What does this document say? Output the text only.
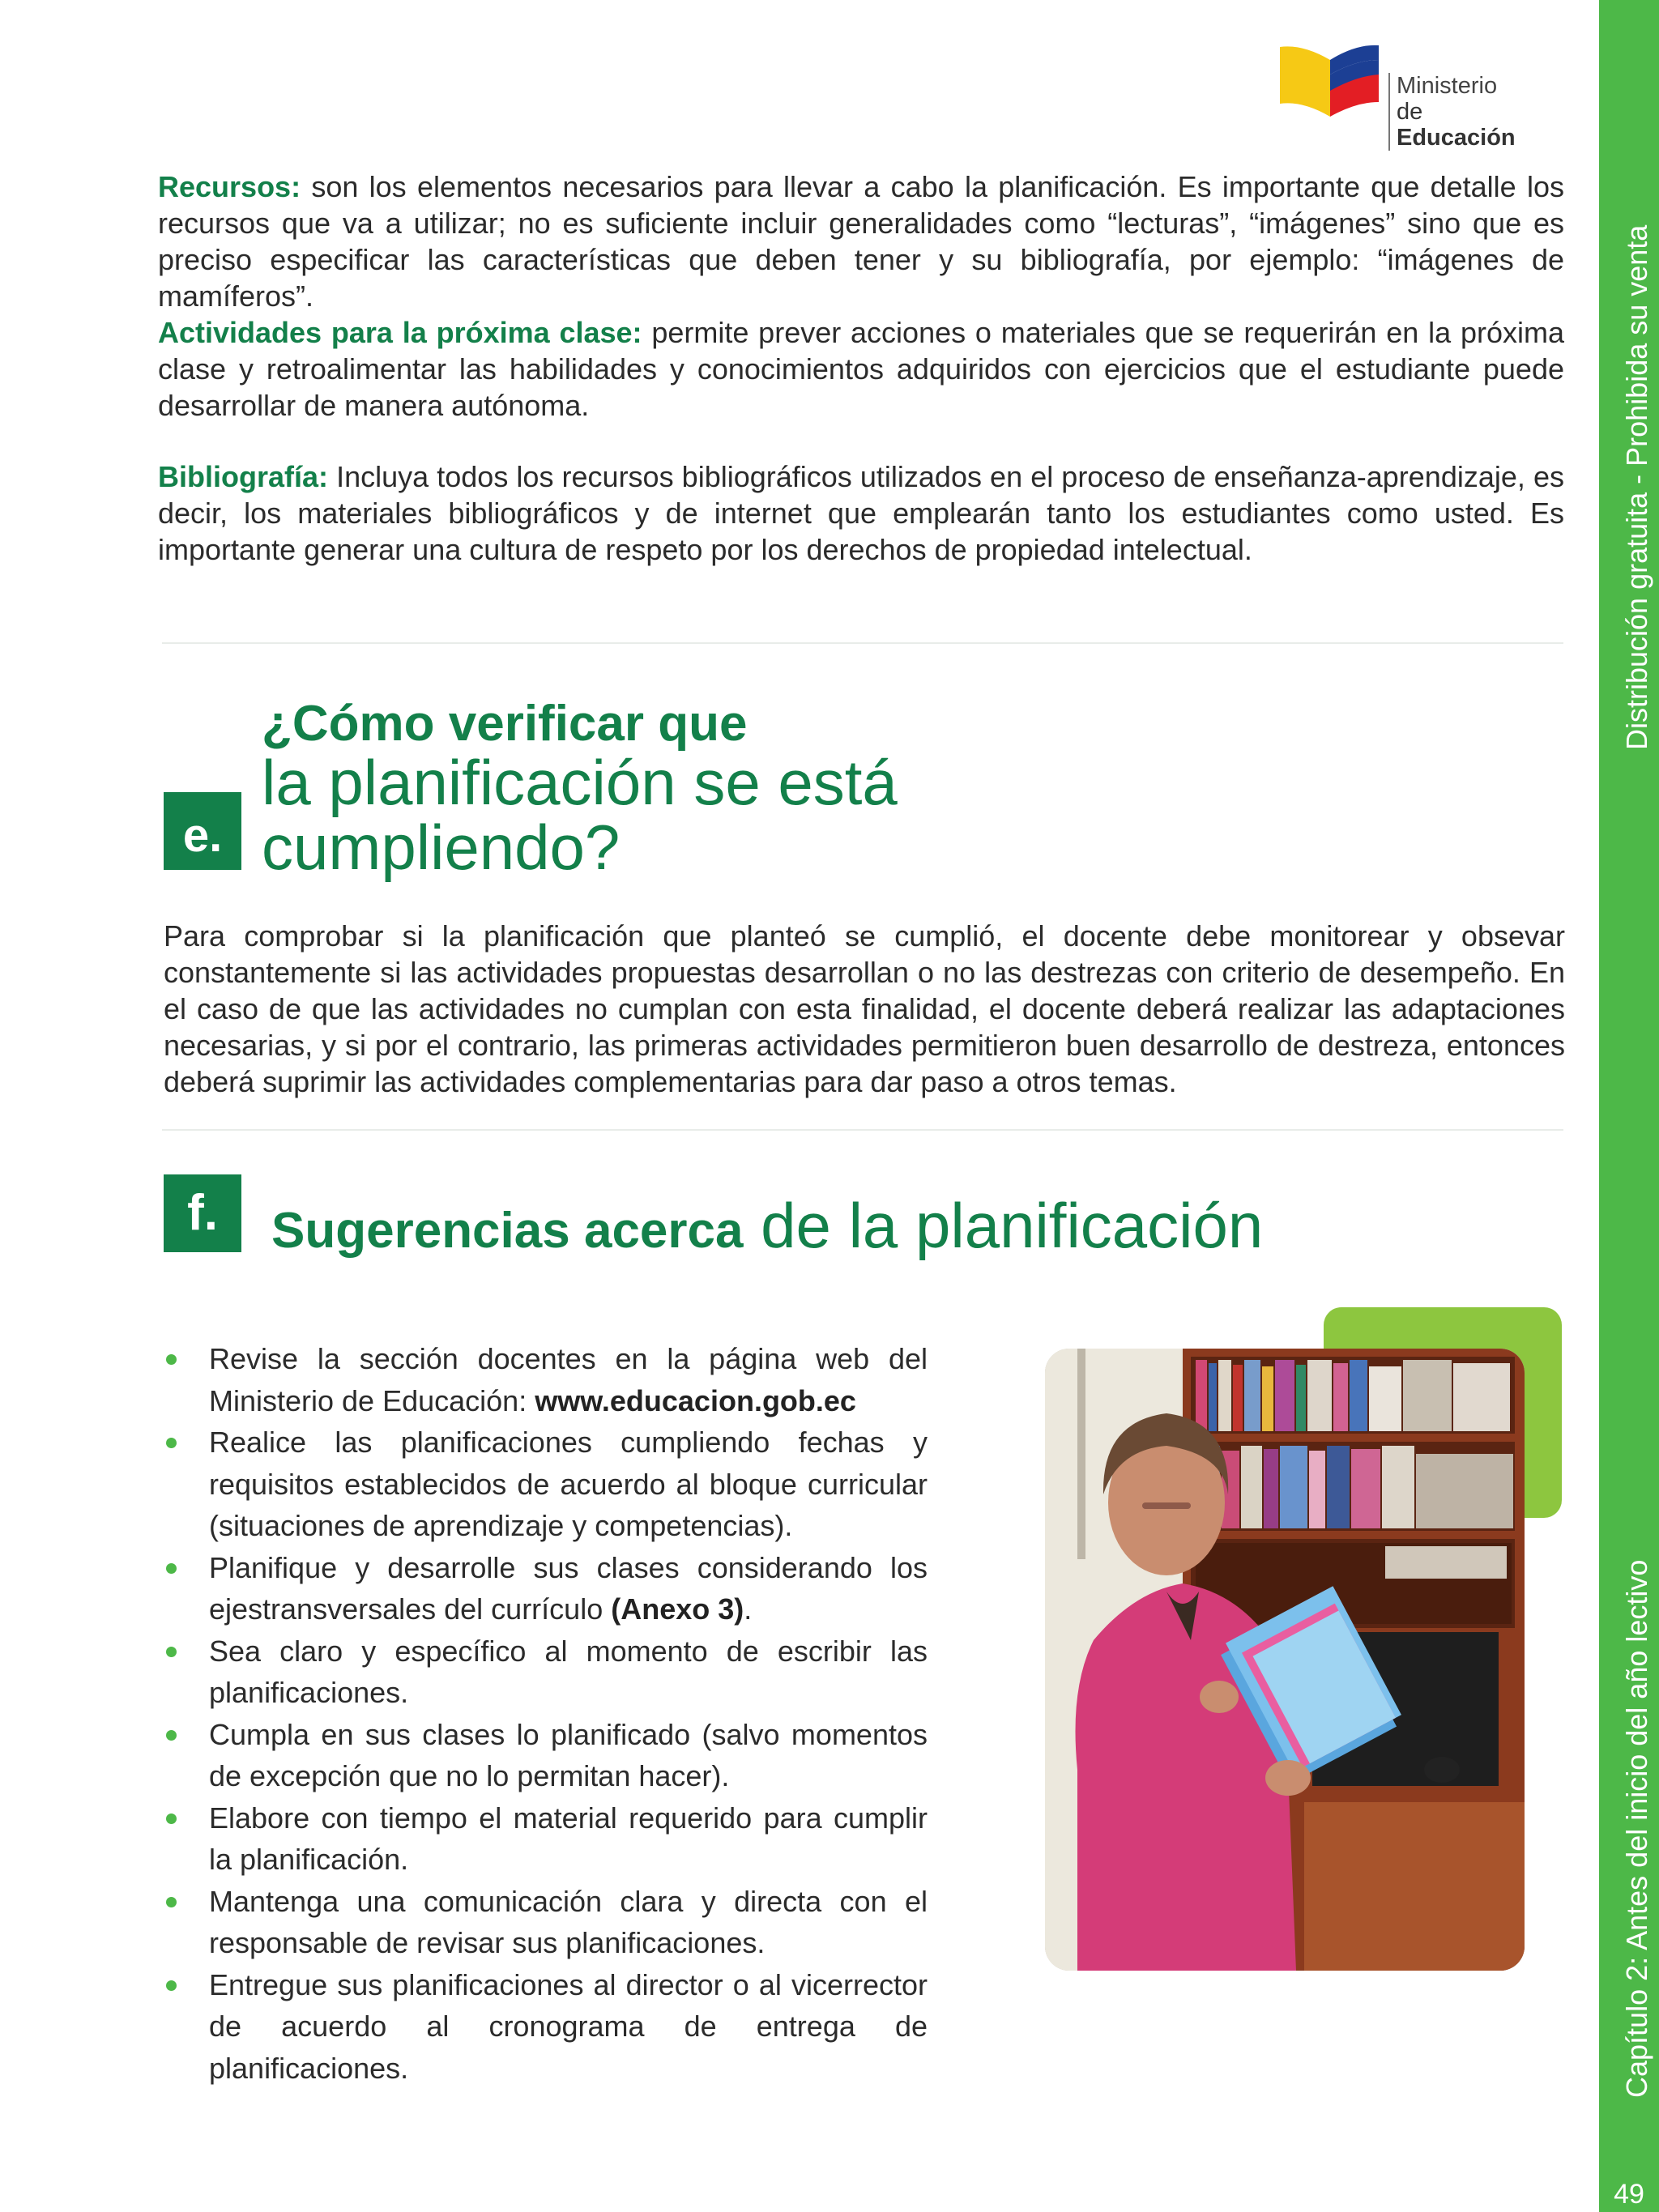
Ministerio
de Educación

Recursos: son los elementos necesarios para llevar a cabo la planificación. Es importante que detalle los recursos que va a utilizar; no es suficiente incluir generalidades como “lecturas”, “imágenes” sino que es preciso especificar las características que deben tener y su bibliografía, por ejemplo: “imágenes de mamíferos”.

Actividades para la próxima clase: permite prever acciones o materiales que se requerirán en la próxima clase y retroalimentar las habilidades y conocimientos adquiridos con ejercicios que el estudiante puede desarrollar de manera autónoma.

Bibliografía: Incluya todos los recursos bibliográficos utilizados en el proceso de enseñanza-aprendizaje, es decir, los materiales bibliográficos y de internet que emplearán tanto los estudiantes como usted. Es importante generar una cultura de respeto por los derechos de propiedad intelectual.

e.
¿Cómo verificar que
la planificación se está
cumpliendo?

Para comprobar si la planificación que planteó se cumplió, el docente debe monitorear y obsevar constantemente si las actividades propuestas desarrollan o no las destrezas con criterio de desempeño. En el caso de que las actividades no cumplan con esta finalidad, el docente deberá realizar las adaptaciones necesarias, y si por el contrario, las primeras actividades permitieron buen desarrollo de destreza, entonces deberá suprimir las actividades complementarias para dar paso a otros temas.

f.	Sugerencias acerca de la planificación
Revise la sección docentes en la página web del Ministerio de Educación: www.educacion.gob.ec
Realice las planificaciones cumpliendo fechas y requisitos establecidos de acuerdo al bloque curricular (situaciones de aprendizaje y competencias).
Planifique y desarrolle sus clases considerando los ejestransversales del currículo (Anexo 3).
Sea claro y específico al momento de escribir las planificaciones.
Cumpla en sus clases lo planificado (salvo momentos de excepción que no lo permitan hacer).
Elabore con tiempo el material requerido para cumplir la planificación.
Mantenga una comunicación clara y directa con el responsable de revisar sus planificaciones.
Entregue sus planificaciones al director o al vicerrector de acuerdo al cronograma de entrega de planificaciones.
Distribución gratuita - Prohibida su venta
Capítulo 2: Antes del inicio del año lectivo
49
